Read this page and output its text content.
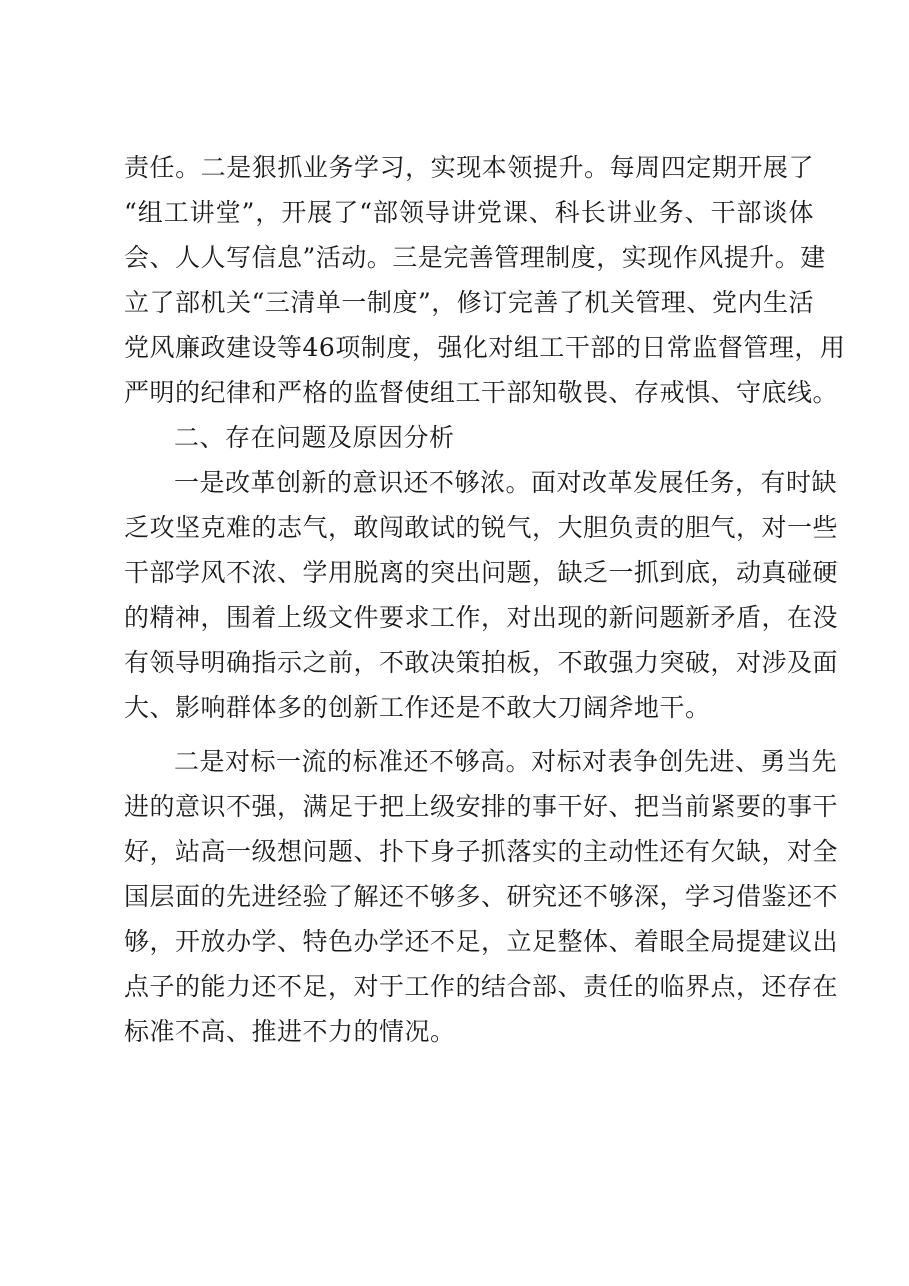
责任。二是狠抓业务学习，实现本领提升。每周四定期开展了
“组工讲堂”，开展了“部领导讲党课、科长讲业务、干部谈体
会、人人写信息”活动。三是完善管理制度，实现作风提升。建
立了部机关“三清单一制度”，修订完善了机关管理、党内生活
党风廉政建设等46项制度，强化对组工干部的日常监督管理，用
严明的纪律和严格的监督使组工干部知敬畏、存戒惧、守底线。
二、存在问题及原因分析
一是改革创新的意识还不够浓。面对改革发展任务，有时缺
乏攻坚克难的志气，敢闯敢试的锐气，大胆负责的胆气，对一些
干部学风不浓、学用脱离的突出问题，缺乏一抓到底，动真碰硬
的精神，围着上级文件要求工作，对出现的新问题新矛盾，在没
有领导明确指示之前，不敢决策拍板，不敢强力突破，对涉及面
大、影响群体多的创新工作还是不敢大刀阔斧地干。
二是对标一流的标准还不够高。对标对表争创先进、勇当先
进的意识不强，满足于把上级安排的事干好、把当前紧要的事干
好，站高一级想问题、扑下身子抓落实的主动性还有欠缺，对全
国层面的先进经验了解还不够多、研究还不够深，学习借鉴还不
够，开放办学、特色办学还不足，立足整体、着眼全局提建议出
点子的能力还不足，对于工作的结合部、责任的临界点，还存在
标准不高、推进不力的情况。
